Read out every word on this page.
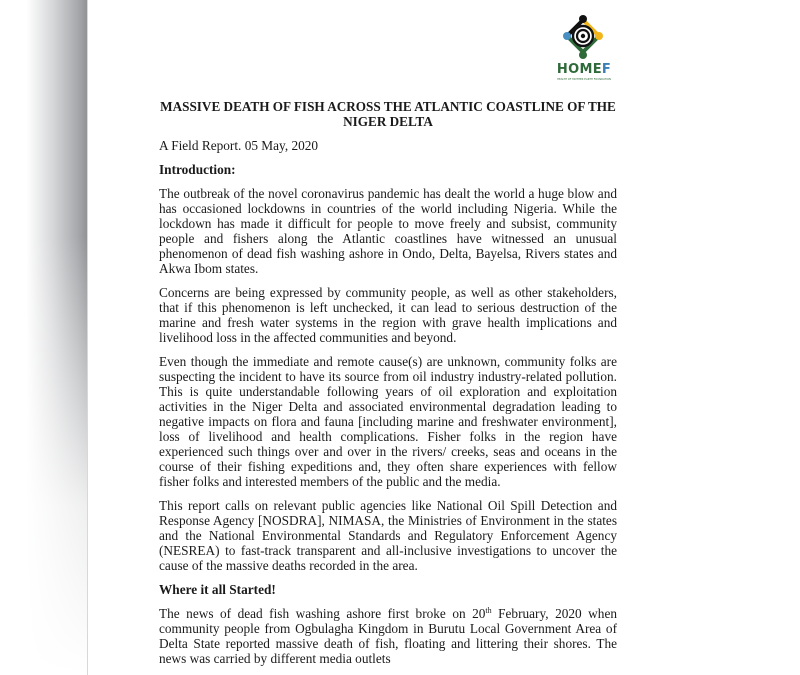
HOMEF
HEALTH OF MOTHER EARTH FOUNDATION
MASSIVE DEATH OF FISH ACROSS THE ATLANTIC COASTLINE OF THE NIGER DELTA
A Field Report. 05 May, 2020
Introduction:
The outbreak of the novel coronavirus pandemic has dealt the world a huge blow and has occasioned lockdowns in countries of the world including Nigeria. While the lockdown has made it difficult for people to move freely and subsist, community people and fishers along the Atlantic coastlines have witnessed an unusual phenomenon of dead fish washing ashore in Ondo, Delta, Bayelsa, Rivers states and Akwa Ibom states.
Concerns are being expressed by community people, as well as other stakeholders, that if this phenomenon is left unchecked, it can lead to serious destruction of the marine and fresh water systems in the region with grave health implications and livelihood loss in the affected communities and beyond.
Even though the immediate and remote cause(s) are unknown, community folks are suspecting the incident to have its source from oil industry industry-related pollution. This is quite understandable following years of oil exploration and exploitation activities in the Niger Delta and associated environmental degradation leading to negative impacts on flora and fauna [including marine and freshwater environment], loss of livelihood and health complications. Fisher folks in the region have experienced such things over and over in the rivers/ creeks, seas and oceans in the course of their fishing expeditions and, they often share experiences with fellow fisher folks and interested members of the public and the media.
This report calls on relevant public agencies like National Oil Spill Detection and Response Agency [NOSDRA], NIMASA, the Ministries of Environment in the states and the National Environmental Standards and Regulatory Enforcement Agency (NESREA) to fast-track transparent and all-inclusive investigations to uncover the cause of the massive deaths recorded in the area.
Where it all Started!
The news of dead fish washing ashore first broke on 20th February, 2020 when community people from Ogbulagha Kingdom in Burutu Local Government Area of Delta State reported massive death of fish, floating and littering their shores. The news was carried by different media outlets
